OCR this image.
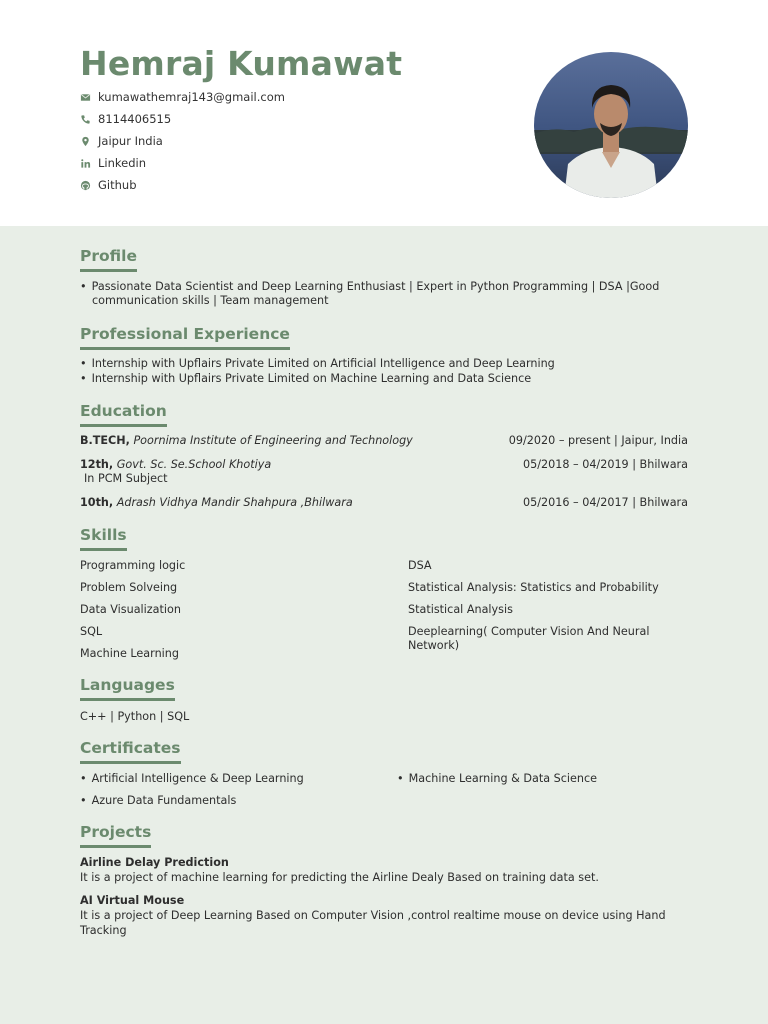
Hemraj Kumawat
kumawathemraj143@gmail.com
8114406515
Jaipur India
Linkedin
Github
Profile
• Passionate Data Scientist and Deep Learning Enthusiast | Expert in Python Programming | DSA |Good
communication skills | Team management
Professional Experience
• Internship with Upflairs Private Limited on Artificial Intelligence and Deep Learning
• Internship with Upflairs Private Limited on Machine Learning and Data Science
Education
B.TECH, Poornima Institute of Engineering and Technology	09/2020 – present | Jaipur, India
12th, Govt. Sc. Se.School Khotiya	05/2018 – 04/2019 | Bhilwara
In PCM Subject
10th, Adrash Vidhya Mandir Shahpura ,Bhilwara	05/2016 – 04/2017 | Bhilwara
Skills
Programming logic
Problem Solveing
Data Visualization
SQL
Machine Learning
DSA
Statistical Analysis: Statistics and Probability
Statistical Analysis
Deeplearning( Computer Vision And Neural
Network)
Languages
C++ | Python | SQL
Certificates
• Artificial Intelligence & Deep Learning
•	Machine Learning & Data Science
• Azure Data Fundamentals
Projects
Airline Delay Prediction
It is a project of machine learning for predicting the Airline Dealy Based on training data set.
AI Virtual Mouse
It is a project of Deep Learning Based on Computer Vision ,control realtime mouse on device using Hand
Tracking
